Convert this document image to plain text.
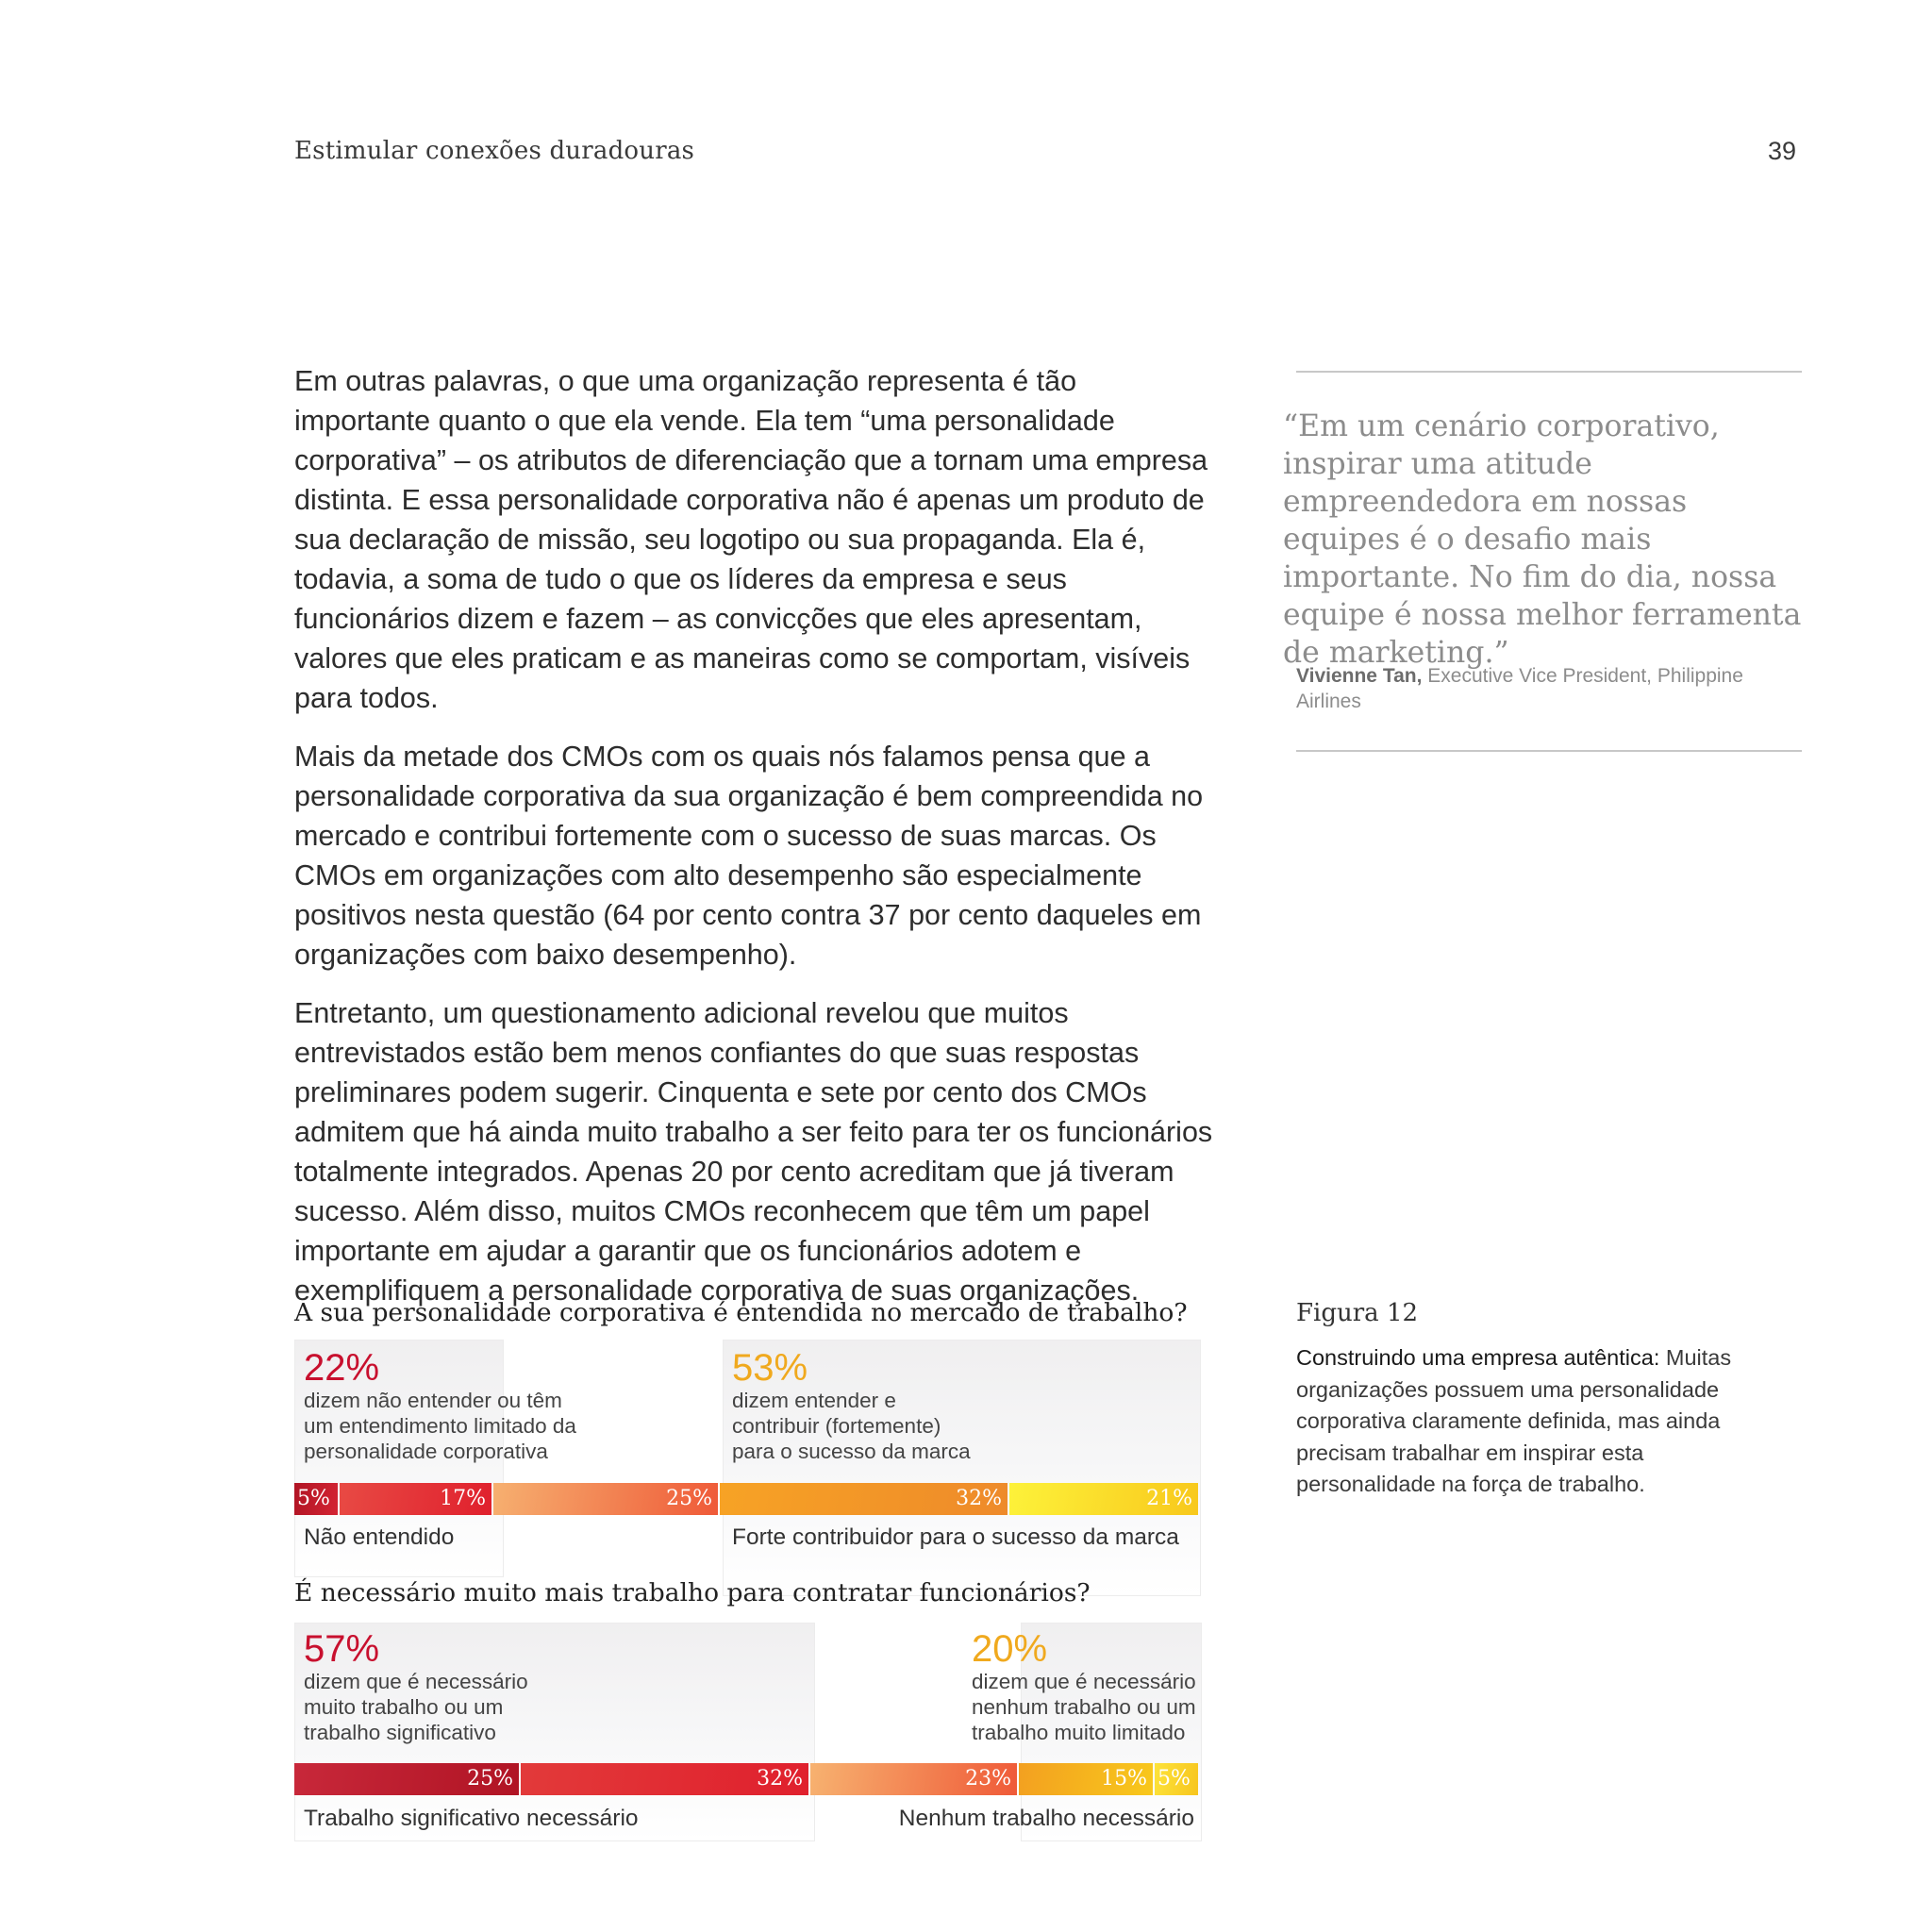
Estimular conexões duradouras	39

Em outras palavras, o que uma organização representa é tão importante quanto o que ela vende. Ela tem “uma personalidade corporativa” – os atributos de diferenciação que a tornam uma empresa distinta. E essa personalidade corporativa não é apenas um produto de sua declaração de missão, seu logotipo ou sua propaganda. Ela é, todavia, a soma de tudo o que os líderes da empresa e seus funcionários dizem e fazem – as convicções que eles apresentam, valores que eles praticam e as maneiras como se comportam, visíveis para todos.

Mais da metade dos CMOs com os quais nós falamos pensa que a personalidade corporativa da sua organização é bem compreendida no mercado e contribui fortemente com o sucesso de suas marcas. Os CMOs em organizações com alto desempenho são especialmente positivos nesta questão (64 por cento contra 37 por cento daqueles em organizações com baixo desempenho).

Entretanto, um questionamento adicional revelou que muitos entrevistados estão bem menos confiantes do que suas respostas preliminares podem sugerir. Cinquenta e sete por cento dos CMOs admitem que há ainda muito trabalho a ser feito para ter os funcionários totalmente integrados. Apenas 20 por cento acreditam que já tiveram sucesso. Além disso, muitos CMOs reconhecem que têm um papel importante em ajudar a garantir que os funcionários adotem e exemplifiquem a personalidade corporativa de suas organizações.

“Em um cenário corporativo, inspirar uma atitude empreendedora em nossas equipes é o desafio mais importante. No fim do dia, nossa equipe é nossa melhor ferramenta de marketing.”
Vivienne Tan, Executive Vice President, Philippine Airlines
Figura 12
Construindo uma empresa autêntica: Muitas organizações possuem uma personalidade corporativa claramente definida, mas ainda precisam trabalhar em inspirar esta personalidade na força de trabalho.
A sua personalidade corporativa é entendida no mercado de trabalho?
22%
dizem não entender ou têm
um entendimento limitado da
personalidade corporativa
53%
dizem entender e
contribuir (fortemente)
para o sucesso da marca
5%	17%	25%	32%	21%
Não entendido	Forte contribuidor para o sucesso da marca
É necessário muito mais trabalho para contratar funcionários?
57%
dizem que é necessário
muito trabalho ou um
trabalho significativo
20%
dizem que é necessário
nenhum trabalho ou um
trabalho muito limitado
25%	32%	23%	15% 5%
Trabalho significativo necessário	Nenhum trabalho necessário
